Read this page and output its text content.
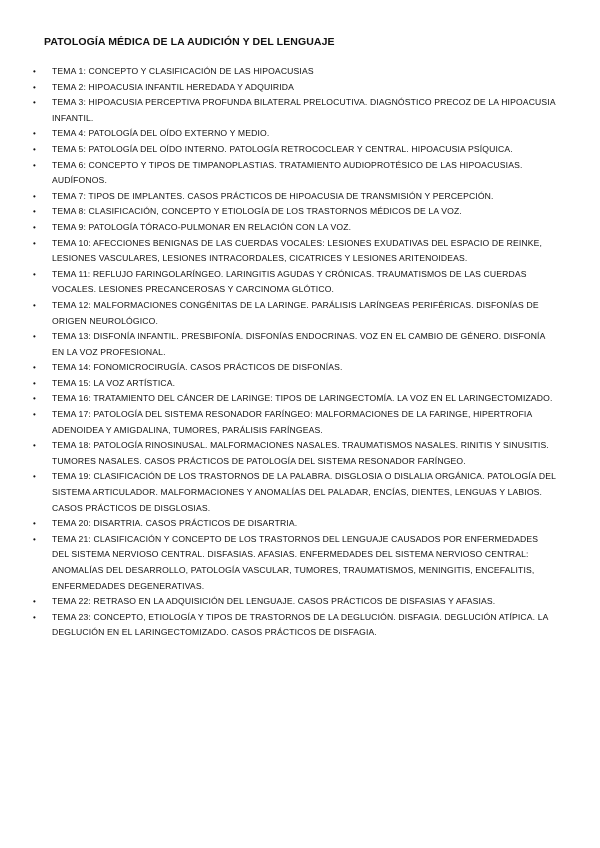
PATOLOGÍA MÉDICA DE LA AUDICIÓN Y DEL LENGUAJE
• TEMA 1: CONCEPTO Y CLASIFICACIÓN DE LAS HIPOACUSIAS
• TEMA 2: HIPOACUSIA INFANTIL HEREDADA Y ADQUIRIDA
• TEMA 3: HIPOACUSIA PERCEPTIVA PROFUNDA BILATERAL PRELOCUTIVA. DIAGNÓSTICO PRECOZ DE LA HIPOACUSIA INFANTIL.
• TEMA 4: PATOLOGÍA DEL OÍDO EXTERNO Y MEDIO.
• TEMA 5: PATOLOGÍA DEL OÍDO INTERNO. PATOLOGÍA RETROCOCLEAR Y CENTRAL. HIPOACUSIA PSÍQUICA.
• TEMA 6: CONCEPTO Y TIPOS DE TIMPANOPLASTIAS. TRATAMIENTO AUDIOPROTÉSICO DE LAS HIPOACUSIAS. AUDÍFONOS.
• TEMA 7: TIPOS DE IMPLANTES. CASOS PRÁCTICOS DE HIPOACUSIA DE TRANSMISIÓN Y PERCEPCIÓN.
• TEMA 8: CLASIFICACIÓN, CONCEPTO Y ETIOLOGÍA DE LOS TRASTORNOS MÉDICOS DE LA VOZ.
• TEMA 9: PATOLOGÍA TÓRACO-PULMONAR EN RELACIÓN CON LA VOZ.
• TEMA 10: AFECCIONES BENIGNAS DE LAS CUERDAS VOCALES: LESIONES EXUDATIVAS DEL ESPACIO DE REINKE, LESIONES VASCULARES, LESIONES INTRACORDALES, CICATRICES Y LESIONES ARITENOIDEAS.
• TEMA 11: REFLUJO FARINGOLARÍNGEO. LARINGITIS AGUDAS Y CRÓNICAS. TRAUMATISMOS DE LAS CUERDAS VOCALES. LESIONES PRECANCEROSAS Y CARCINOMA GLÓTICO.
• TEMA 12: MALFORMACIONES CONGÉNITAS DE LA LARINGE. PARÁLISIS LARÍNGEAS PERIFÉRICAS. DISFONÍAS DE ORIGEN NEUROLÓGICO.
• TEMA 13: DISFONÍA INFANTIL. PRESBIFONÍA. DISFONÍAS ENDOCRINAS. VOZ EN EL CAMBIO DE GÉNERO. DISFONÍA EN LA VOZ PROFESIONAL.
• TEMA 14: FONOMICROCIRUGÍA. CASOS PRÁCTICOS DE DISFONÍAS.
• TEMA 15: LA VOZ ARTÍSTICA.
• TEMA 16: TRATAMIENTO DEL CÁNCER DE LARINGE: TIPOS DE LARINGECTOMÍA. LA VOZ EN EL LARINGECTOMIZADO.
• TEMA 17: PATOLOGÍA DEL SISTEMA RESONADOR FARÍNGEO: MALFORMACIONES DE LA FARINGE, HIPERTROFIA ADENOIDEA Y AMIGDALINA, TUMORES, PARÁLISIS FARÍNGEAS.
• TEMA 18: PATOLOGÍA RINOSINUSAL. MALFORMACIONES NASALES. TRAUMATISMOS NASALES. RINITIS Y SINUSITIS. TUMORES NASALES. CASOS PRÁCTICOS DE PATOLOGÍA DEL SISTEMA RESONADOR FARÍNGEO.
• TEMA 19: CLASIFICACIÓN DE LOS TRASTORNOS DE LA PALABRA. DISGLOSIA O DISLALIA ORGÁNICA. PATOLOGÍA DEL SISTEMA ARTICULADOR. MALFORMACIONES Y ANOMALÍAS DEL PALADAR, ENCÍAS, DIENTES, LENGUAS Y LABIOS. CASOS PRÁCTICOS DE DISGLOSIAS.
• TEMA 20: DISARTRIA. CASOS PRÁCTICOS DE DISARTRIA.
• TEMA 21: CLASIFICACIÓN Y CONCEPTO DE LOS TRASTORNOS DEL LENGUAJE CAUSADOS POR ENFERMEDADES DEL SISTEMA NERVIOSO CENTRAL. DISFASIAS. AFASIAS. ENFERMEDADES DEL SISTEMA NERVIOSO CENTRAL: ANOMALÍAS DEL DESARROLLO, PATOLOGÍA VASCULAR, TUMORES, TRAUMATISMOS, MENINGITIS, ENCEFALITIS, ENFERMEDADES DEGENERATIVAS.
• TEMA 22: RETRASO EN LA ADQUISICIÓN DEL LENGUAJE. CASOS PRÁCTICOS DE DISFASIAS Y AFASIAS.
• TEMA 23: CONCEPTO, ETIOLOGÍA Y TIPOS DE TRASTORNOS DE LA DEGLUCIÓN. DISFAGIA. DEGLUCIÓN ATÍPICA. LA DEGLUCIÓN EN EL LARINGECTOMIZADO. CASOS PRÁCTICOS DE DISFAGIA.
